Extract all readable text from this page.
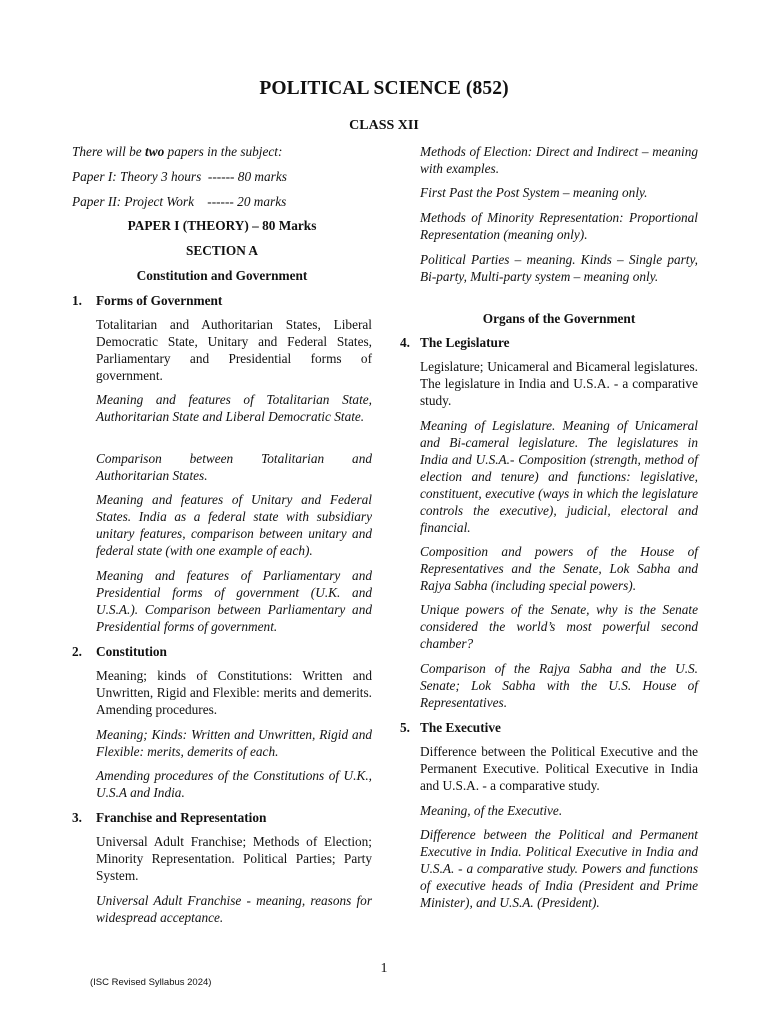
POLITICAL SCIENCE (852)
CLASS XII

There will be two papers in the subject:

Paper I: Theory 3 hours  ------ 80 marks

Paper II: Project Work    ------ 20 marks

PAPER I (THEORY) – 80 Marks

SECTION A

Constitution and Government

1. Forms of Government

Totalitarian and Authoritarian States, Liberal Democratic State, Unitary and Federal States, Parliamentary and Presidential forms of government.

Meaning and features of Totalitarian State, Authoritarian State and Liberal Democratic State.

Comparison between Totalitarian and Authoritarian States.

Meaning and features of Unitary and Federal States. India as a federal state with subsidiary unitary features, comparison between unitary and federal state (with one example of each).

Meaning and features of Parliamentary and Presidential forms of government (U.K. and U.S.A.). Comparison between Parliamentary and Presidential forms of government.

2. Constitution

Meaning; kinds of Constitutions: Written and Unwritten, Rigid and Flexible: merits and demerits. Amending procedures.

Meaning; Kinds: Written and Unwritten, Rigid and Flexible: merits, demerits of each.

Amending procedures of the Constitutions of U.K., U.S.A and India.

3. Franchise and Representation

Universal Adult Franchise; Methods of Election; Minority Representation. Political Parties; Party System.

Universal Adult Franchise - meaning, reasons for widespread acceptance.

Methods of Election: Direct and Indirect – meaning with examples.

First Past the Post System – meaning only.

Methods of Minority Representation: Proportional Representation (meaning only).

Political Parties – meaning. Kinds – Single party, Bi-party, Multi-party system – meaning only.

Organs of the Government

4. The Legislature

Legislature; Unicameral and Bicameral legislatures. The legislature in India and U.S.A. - a comparative study.

Meaning of Legislature. Meaning of Unicameral and Bi-cameral legislature. The legislatures in India and U.S.A.- Composition (strength, method of election and tenure) and functions: legislative, constituent, executive (ways in which the legislature controls the executive), judicial, electoral and financial.

Composition and powers of the House of Representatives and the Senate, Lok Sabha and Rajya Sabha (including special powers).

Unique powers of the Senate, why is the Senate considered the world’s most powerful second chamber?

Comparison of the Rajya Sabha and the U.S. Senate; Lok Sabha with the U.S. House of Representatives.

5. The Executive

Difference between the Political Executive and the Permanent Executive. Political Executive in India and U.S.A. - a comparative study.

Meaning, of the Executive.

Difference between the Political and Permanent Executive in India. Political Executive in India and U.S.A. - a comparative study. Powers and functions of executive heads of India (President and Prime Minister), and U.S.A. (President).

1
(ISC Revised Syllabus 2024)
